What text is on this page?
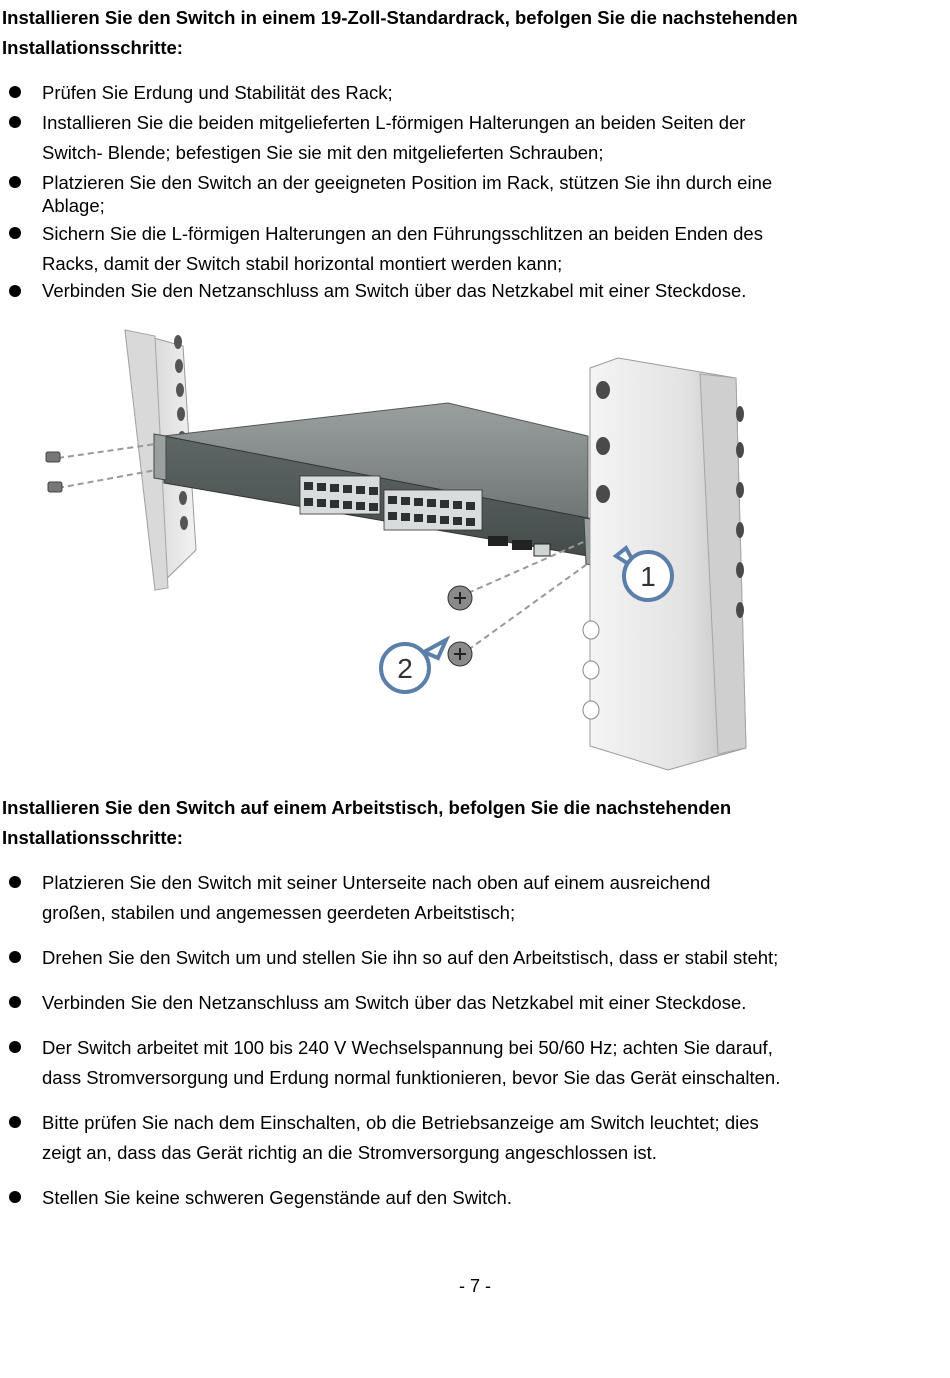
Installieren Sie den Switch in einem 19-Zoll-Standardrack, befolgen Sie die nachstehenden
Installationsschritte:
Prüfen Sie Erdung und Stabilität des Rack;
Installieren Sie die beiden mitgelieferten L-förmigen Halterungen an beiden Seiten der
Switch- Blende; befestigen Sie sie mit den mitgelieferten Schrauben;
Platzieren Sie den Switch an der geeigneten Position im Rack, stützen Sie ihn durch eine
Ablage;
Sichern Sie die L-förmigen Halterungen an den Führungsschlitzen an beiden Enden des
Racks, damit der Switch stabil horizontal montiert werden kann;
Verbinden Sie den Netzanschluss am Switch über das Netzkabel mit einer Steckdose.
1
2
Installieren Sie den Switch auf einem Arbeitstisch, befolgen Sie die nachstehenden
Installationsschritte:
Platzieren Sie den Switch mit seiner Unterseite nach oben auf einem ausreichend
großen, stabilen und angemessen geerdeten Arbeitstisch;
Drehen Sie den Switch um und stellen Sie ihn so auf den Arbeitstisch, dass er stabil steht;
Verbinden Sie den Netzanschluss am Switch über das Netzkabel mit einer Steckdose.
Der Switch arbeitet mit 100 bis 240 V Wechselspannung bei 50/60 Hz; achten Sie darauf,
dass Stromversorgung und Erdung normal funktionieren, bevor Sie das Gerät einschalten.
Bitte prüfen Sie nach dem Einschalten, ob die Betriebsanzeige am Switch leuchtet; dies
zeigt an, dass das Gerät richtig an die Stromversorgung angeschlossen ist.
Stellen Sie keine schweren Gegenstände auf den Switch.
- 7 -
